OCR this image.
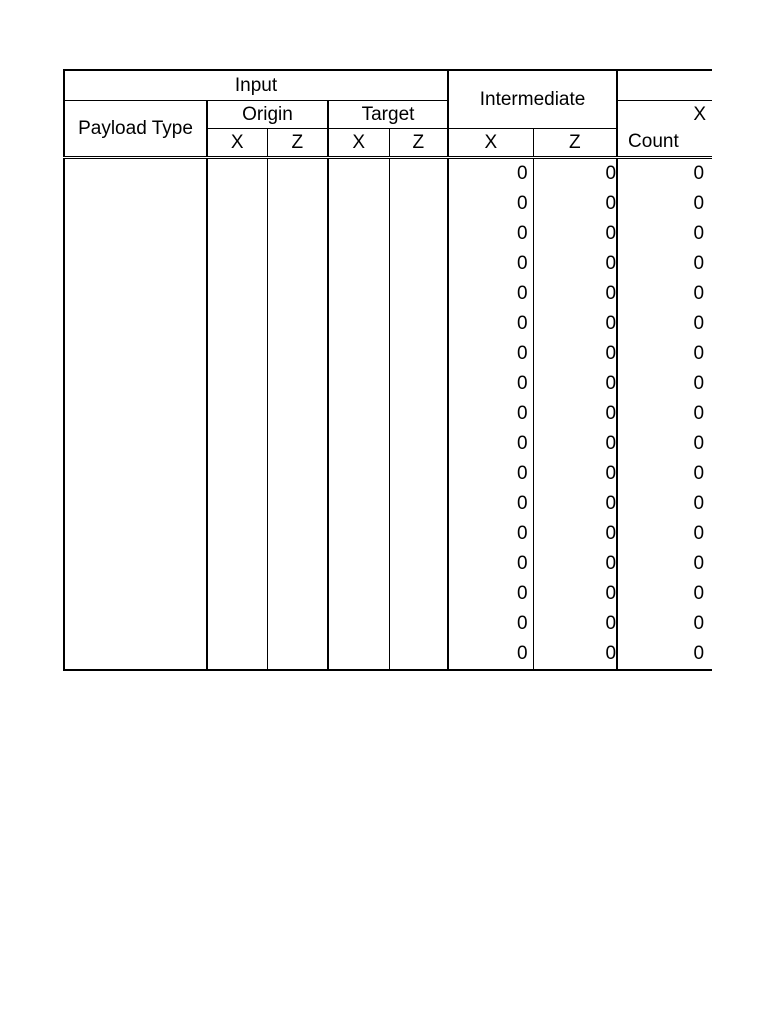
Input					Intermediate		
Payload Type	Origin		Target				X
	X	Z	X	Z	X	Z	Count
					0	0	0
					0	0	0
					0	0	0
					0	0	0
					0	0	0
					0	0	0
					0	0	0
					0	0	0
					0	0	0
					0	0	0
					0	0	0
					0	0	0
					0	0	0
					0	0	0
					0	0	0
					0	0	0
					0	0	0
